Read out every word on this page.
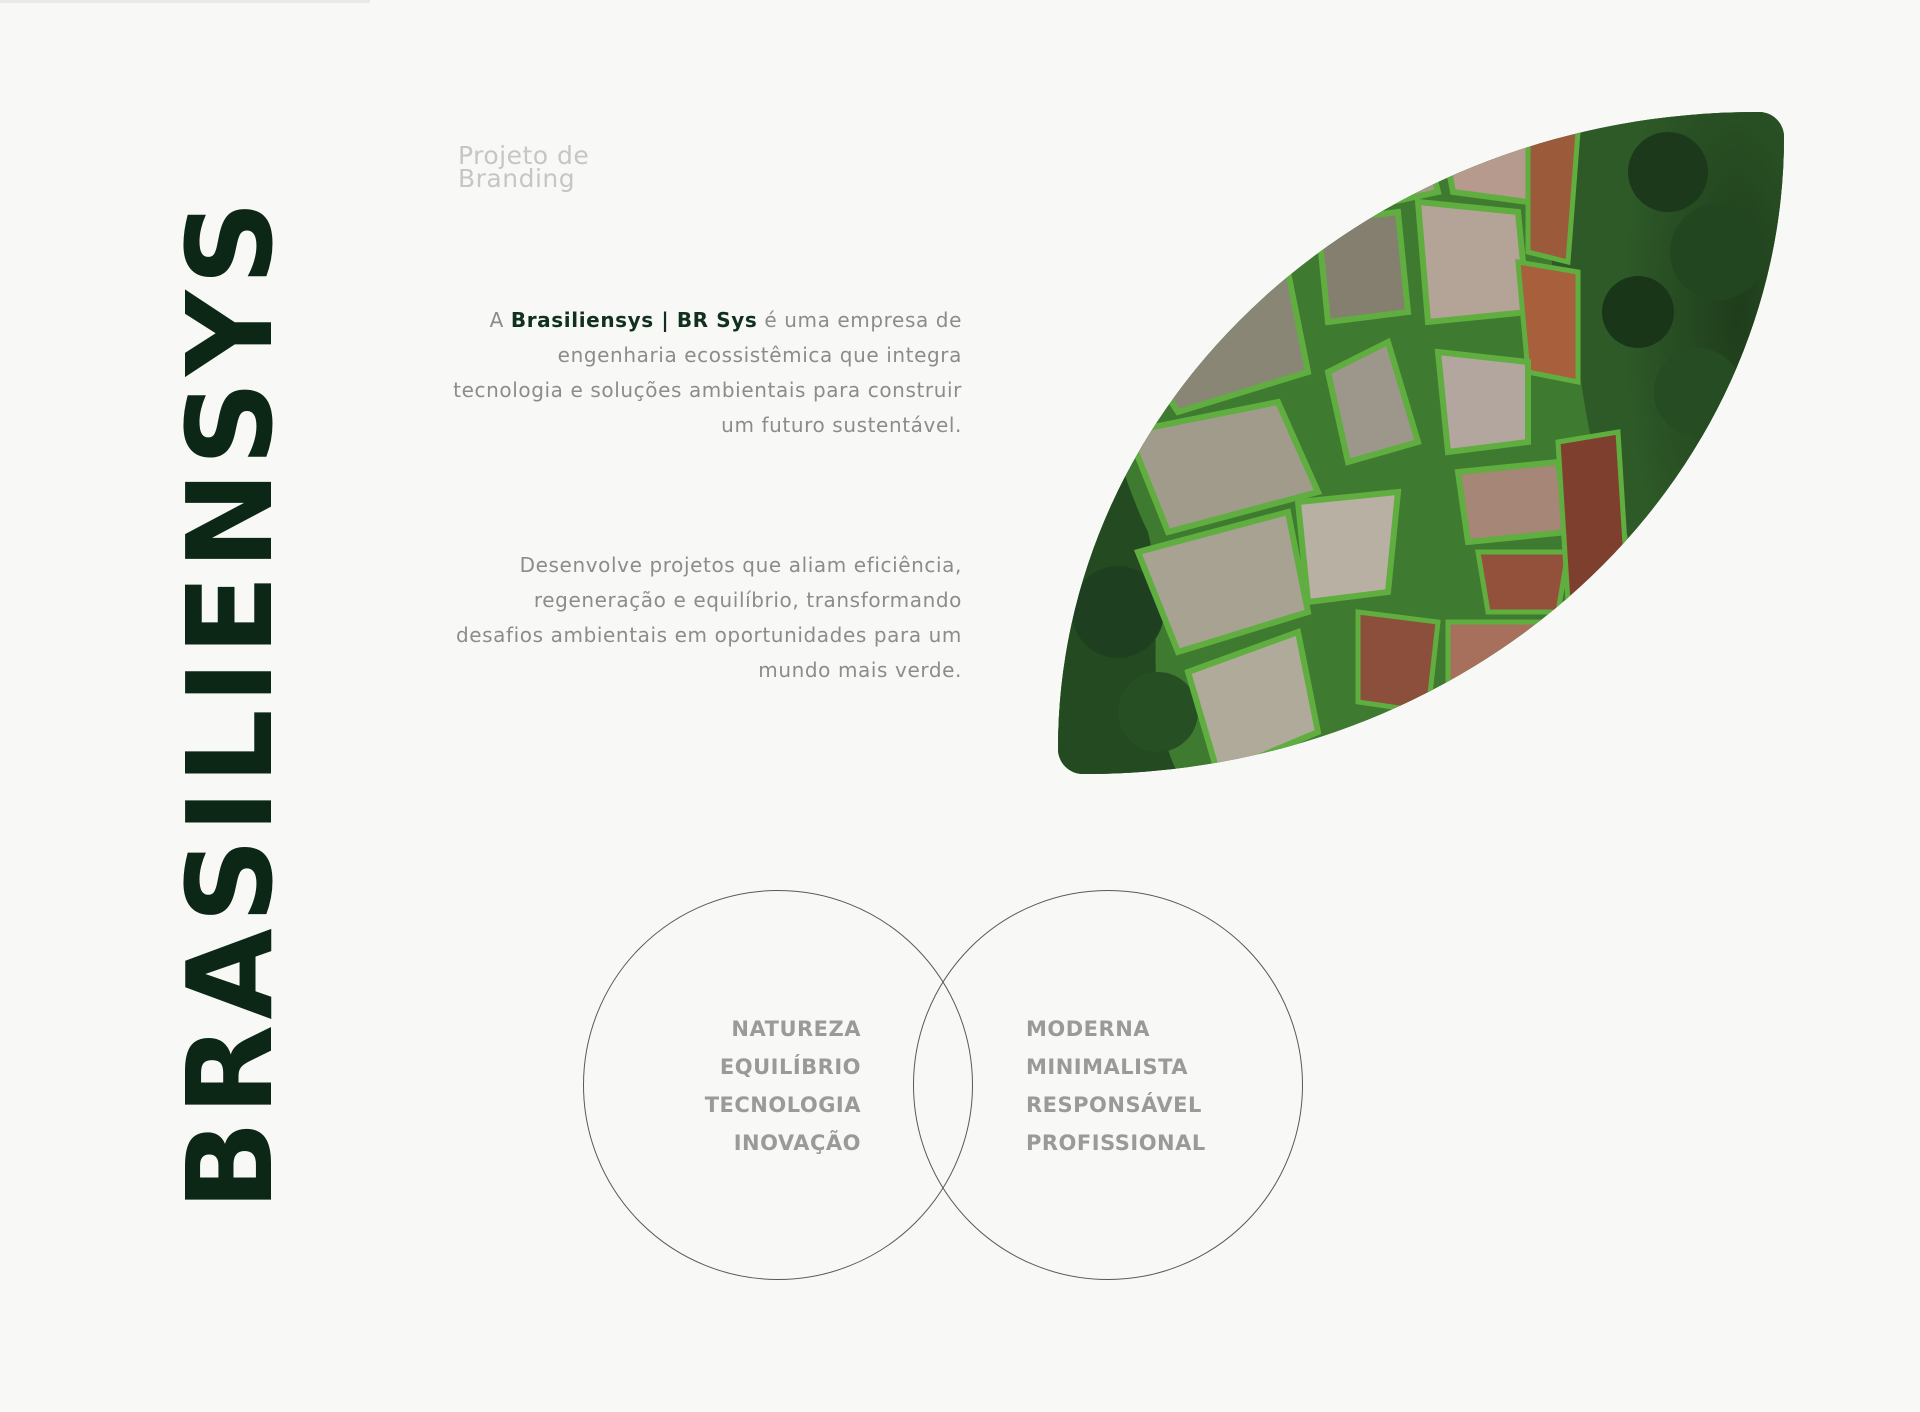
BRASILIENSYS
Projeto de Branding

A Brasiliensys | BR Sys é uma empresa de engenharia ecossistêmica que integra tecnologia e soluções ambientais para construir um futuro sustentável.

Desenvolve projetos que aliam eficiência, regeneração e equilíbrio, transformando desafios ambientais em oportunidades para um mundo mais verde.

NATUREZA
EQUILÍBRIO
TECNOLOGIA
INOVAÇÃO
MODERNA
MINIMALISTA
RESPONSÁVEL
PROFISSIONAL
